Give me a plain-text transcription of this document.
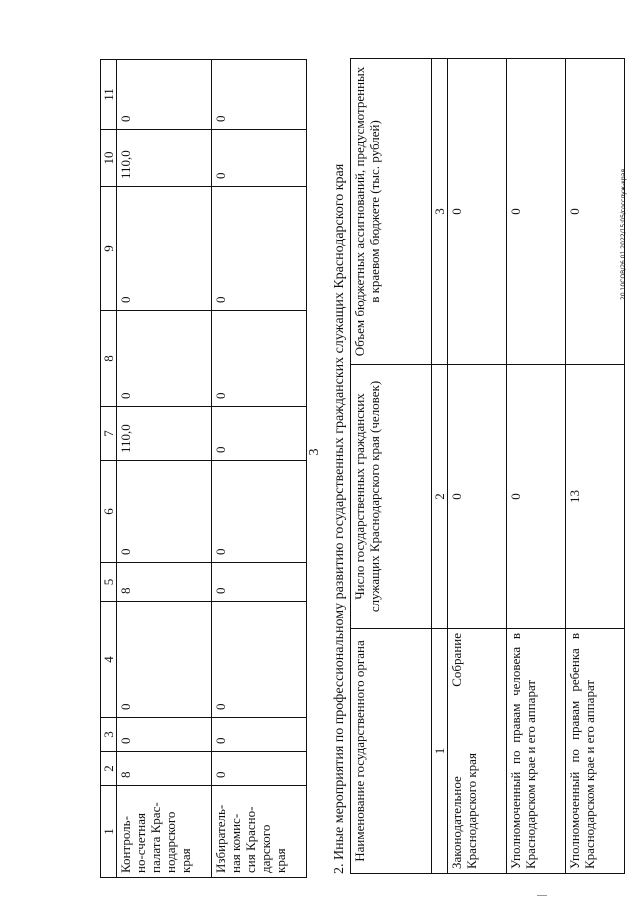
3
1	2	3	4	5	6	7	8	9	10	11
Контроль-
но-счетная
палата Крас-
нодарского
края	8	0	0	8	0	110,0	0	0	110,0	0
Избиратель-
ная комис-
сия Красно-
дарского
края	0	0	0	0	0	0	0	0	0	0
2. Иные мероприятия по профессиональному развитию государственных гражданских служащих Краснодарского края Наименование государственного органа	Число государственных гражданских служащих Краснодарского края (человек)	Объем бюджетных ассигнований, предусмотренных в краевом бюджете (тыс. рублей)
1	2	3
Законодательное Собрание Краснодарского края	0	0
Уполномоченный по правам человека в Краснодарском крае и его аппарат	0	0
Уполномоченный по правам ребенка в Краснодарском крае и его аппарат	13	0	20.10СОВ/26.01.2022/15:05/госслуж-края
